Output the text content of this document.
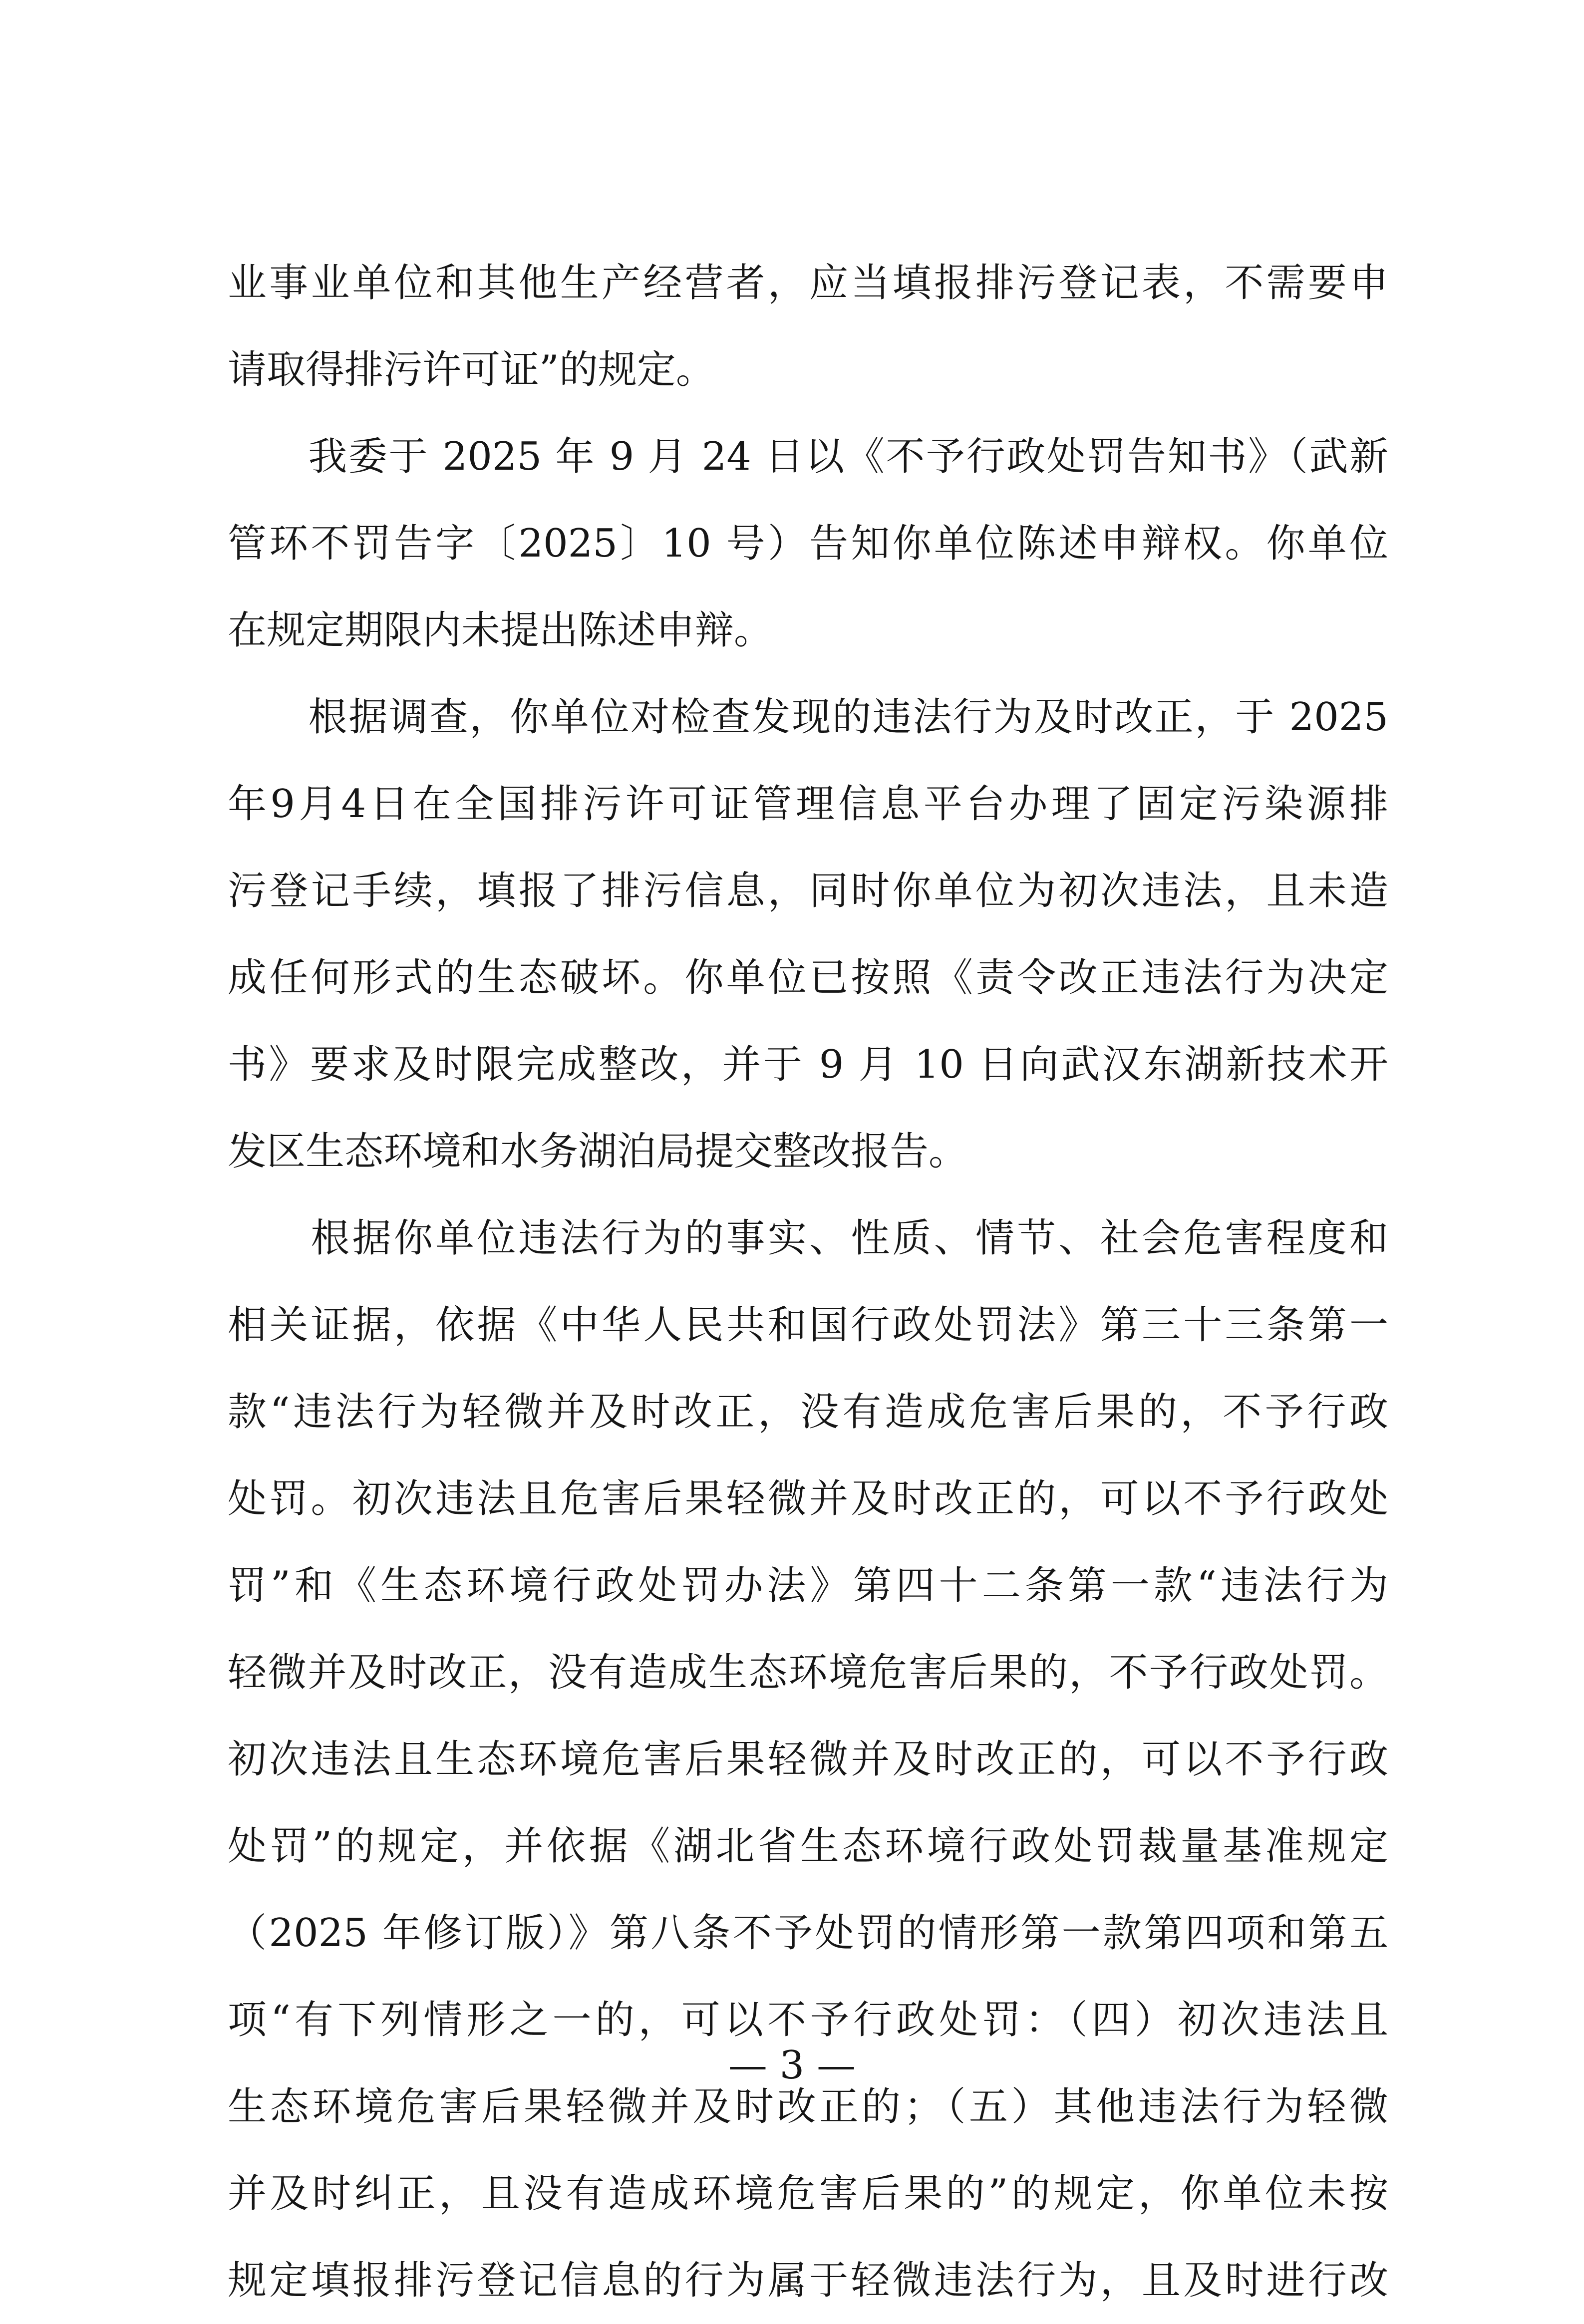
业事业单位和其他生产经营者，应当填报排污登记表，不需要申
请取得排污许可证”的规定。
　　我委于 2025 年 9 月 24 日以《不予行政处罚告知书》（武新
管环不罚告字〔2025〕10 号）告知你单位陈述申辩权。你单位
在规定期限内未提出陈述申辩。
　　根据调查，你单位对检查发现的违法行为及时改正，于 2025
年9月4日在全国排污许可证管理信息平台办理了固定污染源排
污登记手续，填报了排污信息，同时你单位为初次违法，且未造
成任何形式的生态破坏。你单位已按照《责令改正违法行为决定
书》要求及时限完成整改，并于 9 月 10 日向武汉东湖新技术开
发区生态环境和水务湖泊局提交整改报告。
　　根据你单位违法行为的事实、性质、情节、社会危害程度和
相关证据，依据《中华人民共和国行政处罚法》第三十三条第一
款“违法行为轻微并及时改正，没有造成危害后果的，不予行政
处罚。初次违法且危害后果轻微并及时改正的，可以不予行政处
罚”和《生态环境行政处罚办法》第四十二条第一款“违法行为
轻微并及时改正，没有造成生态环境危害后果的，不予行政处罚。
初次违法且生态环境危害后果轻微并及时改正的，可以不予行政
处罚”的规定，并依据《湖北省生态环境行政处罚裁量基准规定
（2025 年修订版）》第八条不予处罚的情形第一款第四项和第五
项“有下列情形之一的，可以不予行政处罚：（四）初次违法且
生态环境危害后果轻微并及时改正的；（五）其他违法行为轻微
并及时纠正，且没有造成环境危害后果的”的规定，你单位未按
规定填报排污登记信息的行为属于轻微违法行为，且及时进行改
— 3 —
